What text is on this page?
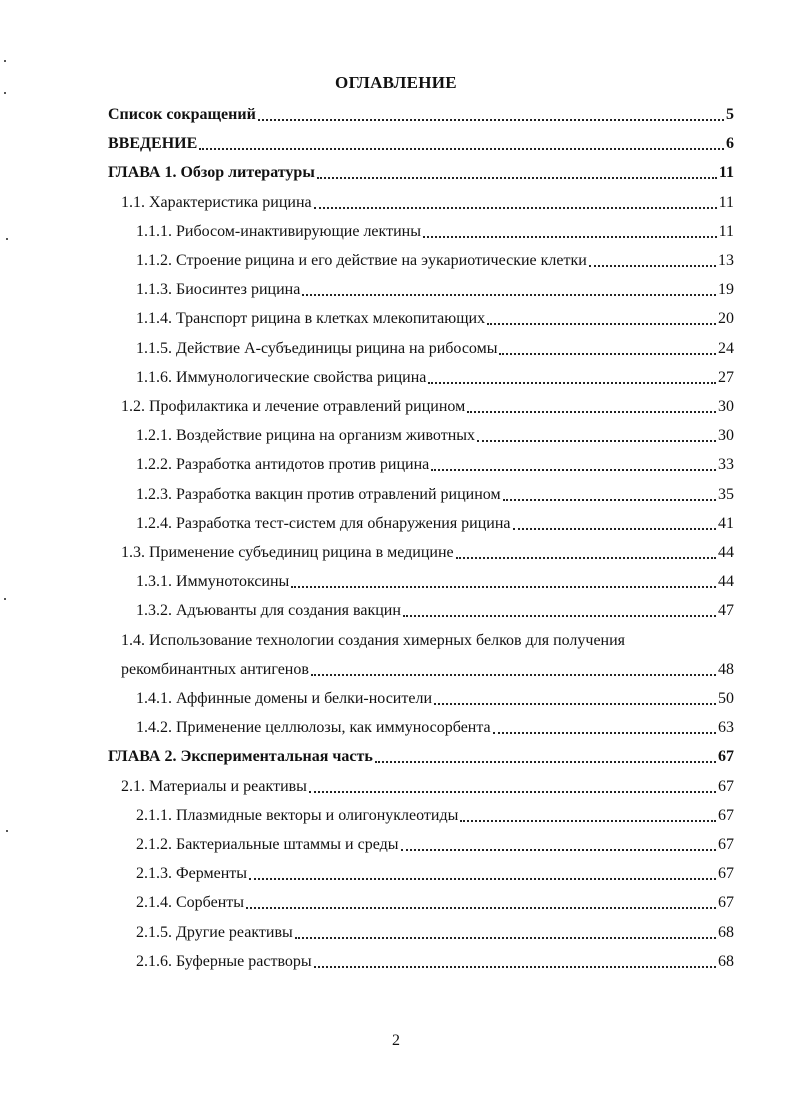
ОГЛАВЛЕНИЕ
Список сокращений	5
ВВЕДЕНИЕ	6
ГЛАВА 1. Обзор литературы	11
1.1. Характеристика рицина	11
1.1.1. Рибосом-инактивирующие лектины	11
1.1.2. Строение рицина и его действие на эукариотические клетки	13
1.1.3. Биосинтез рицина	19
1.1.4. Транспорт рицина в клетках млекопитающих	20
1.1.5. Действие А-субъединицы рицина на рибосомы	24
1.1.6. Иммунологические свойства рицина	27
1.2. Профилактика и лечение отравлений рицином	30
1.2.1. Воздействие рицина на организм животных	30
1.2.2. Разработка антидотов против рицина	33
1.2.3. Разработка вакцин против отравлений рицином	35
1.2.4. Разработка тест-систем для обнаружения рицина	41
1.3. Применение субъединиц рицина в медицине	44
1.3.1. Иммунотоксины	44
1.3.2. Адъюванты для создания вакцин	47
1.4. Использование технологии создания химерных белков для получения
рекомбинантных антигенов	48
1.4.1. Аффинные домены и белки-носители	50
1.4.2. Применение целлюлозы, как иммуносорбента	63
ГЛАВА 2. Экспериментальная часть	67
2.1. Материалы и реактивы	67
2.1.1. Плазмидные векторы и олигонуклеотиды	67
2.1.2. Бактериальные штаммы и среды	67
2.1.3. Ферменты	67
2.1.4. Сорбенты	67
2.1.5. Другие реактивы	68
2.1.6. Буферные растворы	68
2
